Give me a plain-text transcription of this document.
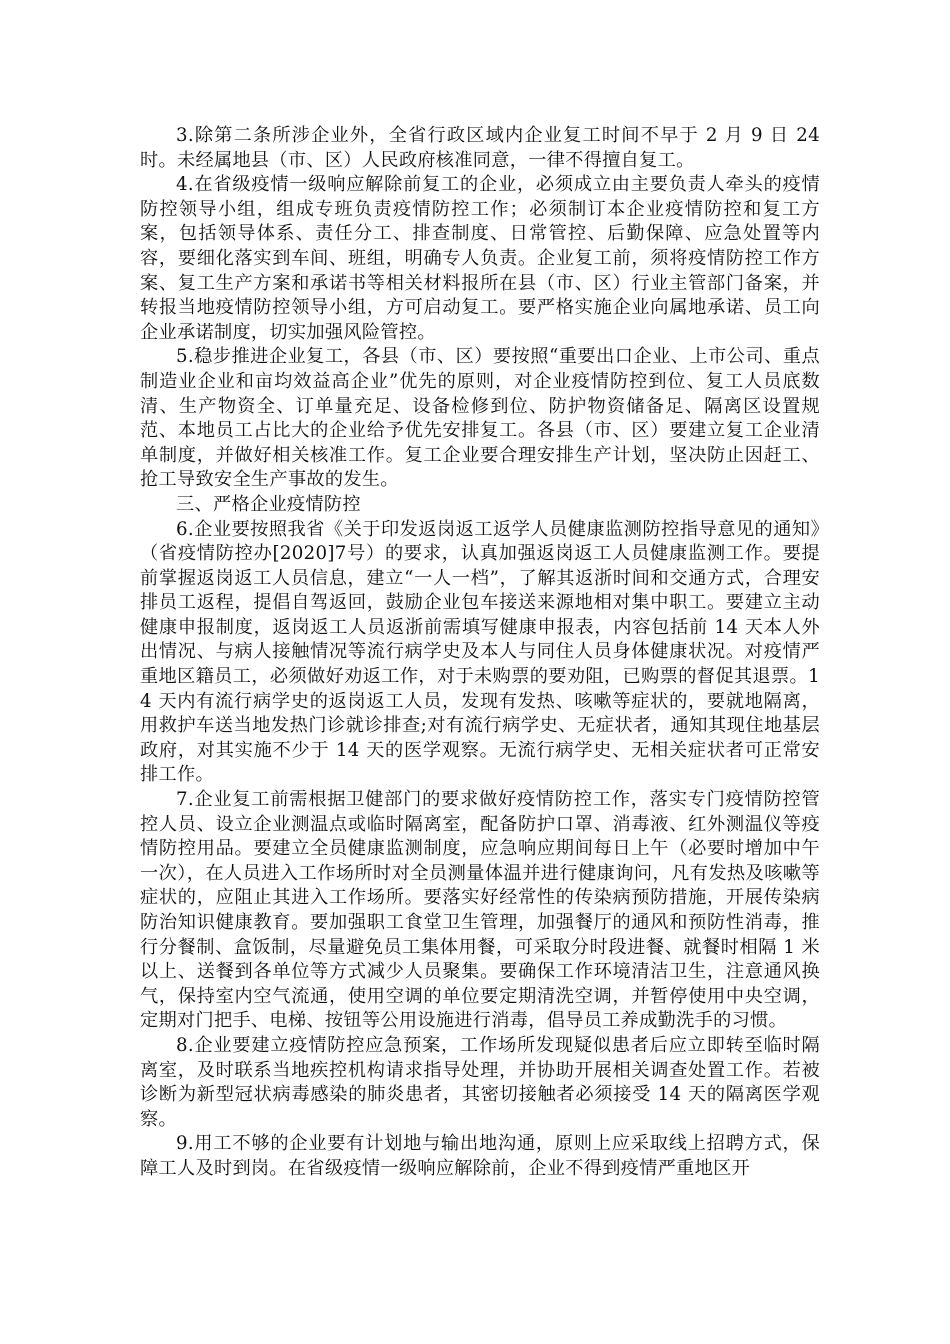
3.除第二条所涉企业外，全省行政区域内企业复工时间不早于 2 月 9 日 24 时。未经属地县（市、区）人民政府核准同意，一律不得擅自复工。

4.在省级疫情一级响应解除前复工的企业，必须成立由主要负责人牵头的疫情防控领导小组，组成专班负责疫情防控工作；必须制订本企业疫情防控和复工方案，包括领导体系、责任分工、排查制度、日常管控、后勤保障、应急处置等内容，要细化落实到车间、班组，明确专人负责。企业复工前，须将疫情防控工作方案、复工生产方案和承诺书等相关材料报所在县（市、区）行业主管部门备案，并转报当地疫情防控领导小组，方可启动复工。要严格实施企业向属地承诺、员工向企业承诺制度，切实加强风险管控。

5.稳步推进企业复工，各县（市、区）要按照“重要出口企业、上市公司、重点制造业企业和亩均效益高企业”优先的原则，对企业疫情防控到位、复工人员底数清、生产物资全、订单量充足、设备检修到位、防护物资储备足、隔离区设置规范、本地员工占比大的企业给予优先安排复工。各县（市、区）要建立复工企业清单制度，并做好相关核准工作。复工企业要合理安排生产计划，坚决防止因赶工、抢工导致安全生产事故的发生。

三、严格企业疫情防控

6.企业要按照我省《关于印发返岗返工返学人员健康监测防控指导意见的通知》（省疫情防控办[2020]7号）的要求，认真加强返岗返工人员健康监测工作。要提前掌握返岗返工人员信息，建立“一人一档”，了解其返浙时间和交通方式，合理安排员工返程，提倡自驾返回，鼓励企业包车接送来源地相对集中职工。要建立主动健康申报制度，返岗返工人员返浙前需填写健康申报表，内容包括前 14 天本人外出情况、与病人接触情况等流行病学史及本人与同住人员身体健康状况。对疫情严重地区籍员工，必须做好劝返工作，对于未购票的要劝阻，已购票的督促其退票。14 天内有流行病学史的返岗返工人员，发现有发热、咳嗽等症状的，要就地隔离，用救护车送当地发热门诊就诊排查;对有流行病学史、无症状者，通知其现住地基层政府，对其实施不少于 14 天的医学观察。无流行病学史、无相关症状者可正常安排工作。

7.企业复工前需根据卫健部门的要求做好疫情防控工作，落实专门疫情防控管控人员、设立企业测温点或临时隔离室，配备防护口罩、消毒液、红外测温仪等疫情防控用品。要建立全员健康监测制度，应急响应期间每日上午（必要时增加中午一次），在人员进入工作场所时对全员测量体温并进行健康询问，凡有发热及咳嗽等症状的，应阻止其进入工作场所。要落实好经常性的传染病预防措施，开展传染病防治知识健康教育。要加强职工食堂卫生管理，加强餐厅的通风和预防性消毒，推行分餐制、盒饭制，尽量避免员工集体用餐，可采取分时段进餐、就餐时相隔 1 米以上、送餐到各单位等方式减少人员聚集。要确保工作环境清洁卫生，注意通风换气，保持室内空气流通，使用空调的单位要定期清洗空调，并暂停使用中央空调，定期对门把手、电梯、按钮等公用设施进行消毒，倡导员工养成勤洗手的习惯。

8.企业要建立疫情防控应急预案，工作场所发现疑似患者后应立即转至临时隔离室，及时联系当地疾控机构请求指导处理，并协助开展相关调查处置工作。若被诊断为新型冠状病毒感染的肺炎患者，其密切接触者必须接受 14 天的隔离医学观察。

9.用工不够的企业要有计划地与输出地沟通，原则上应采取线上招聘方式，保障工人及时到岗。在省级疫情一级响应解除前，企业不得到疫情严重地区开
